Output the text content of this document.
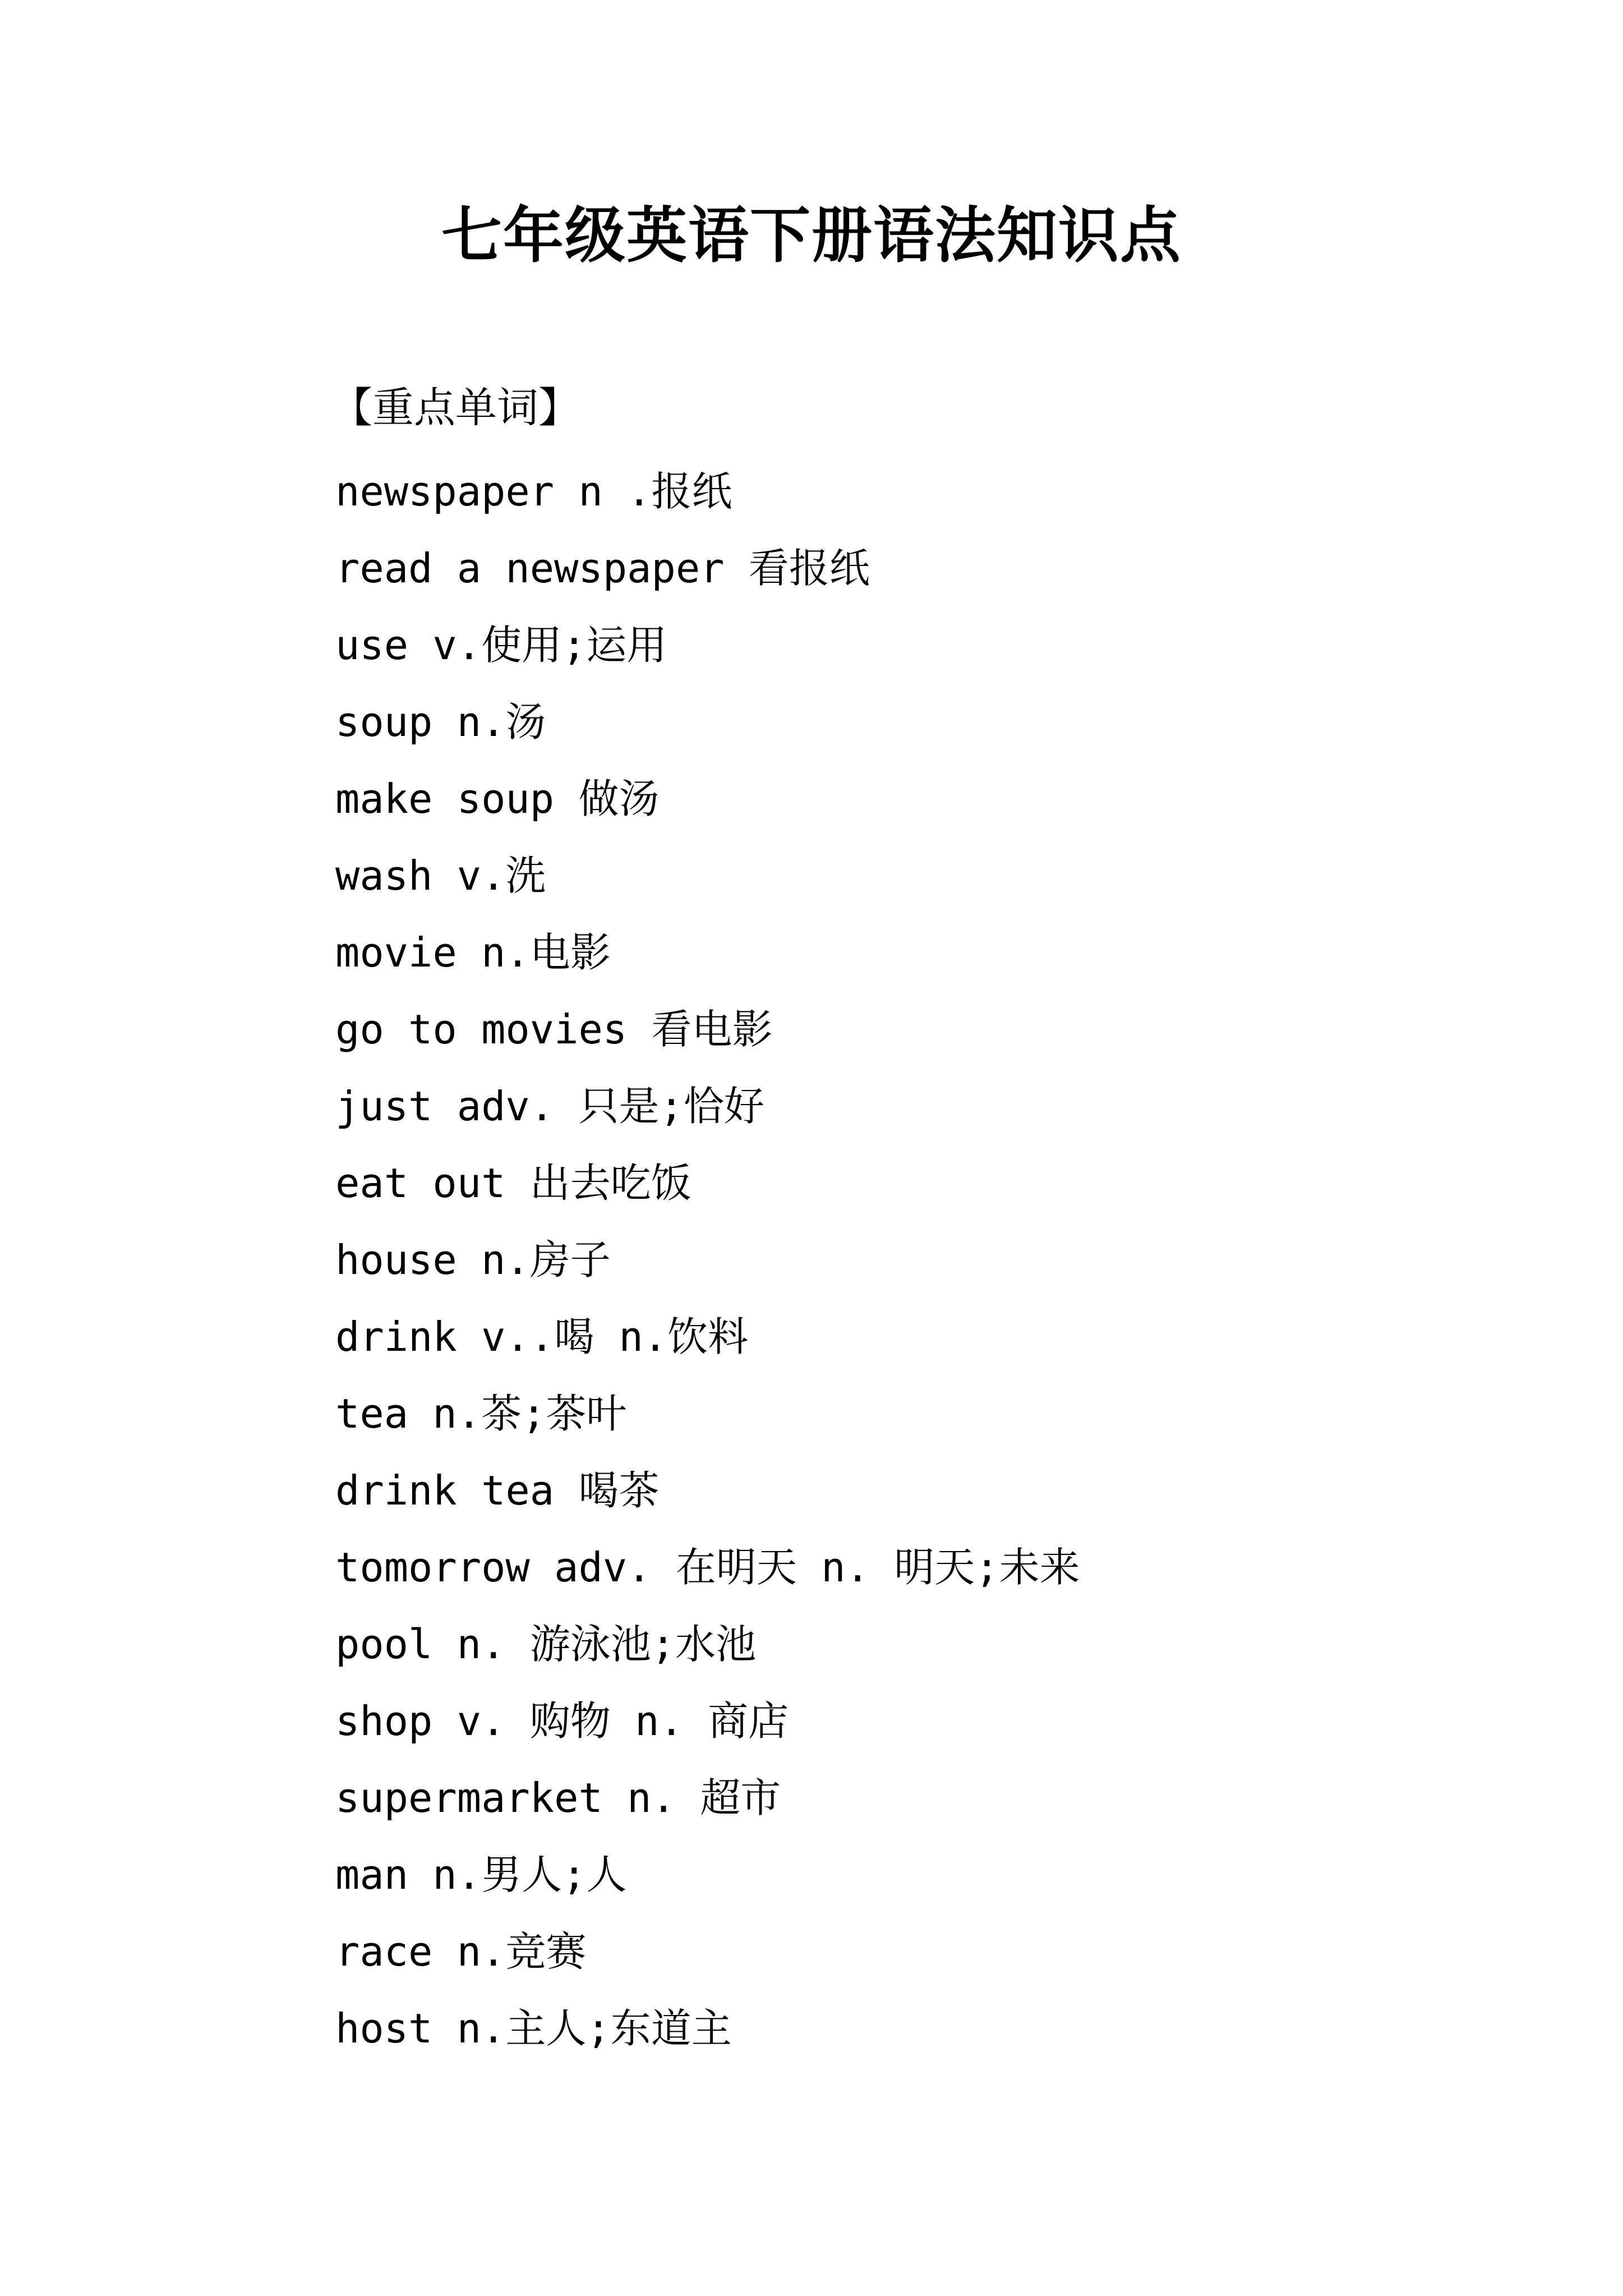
七年级英语下册语法知识点
【重点单词】
newspaper n .报纸
read a newspaper 看报纸
use v.使用;运用
soup n.汤
make soup 做汤
wash v.洗
movie n.电影
go to movies 看电影
just adv. 只是;恰好
eat out 出去吃饭
house n.房子
drink v..喝 n.饮料
tea n.茶;茶叶
drink tea 喝茶
tomorrow adv. 在明天 n. 明天;未来
pool n. 游泳池;水池
shop v. 购物 n. 商店
supermarket n. 超市
man n.男人;人
race n.竞赛
host n.主人;东道主
